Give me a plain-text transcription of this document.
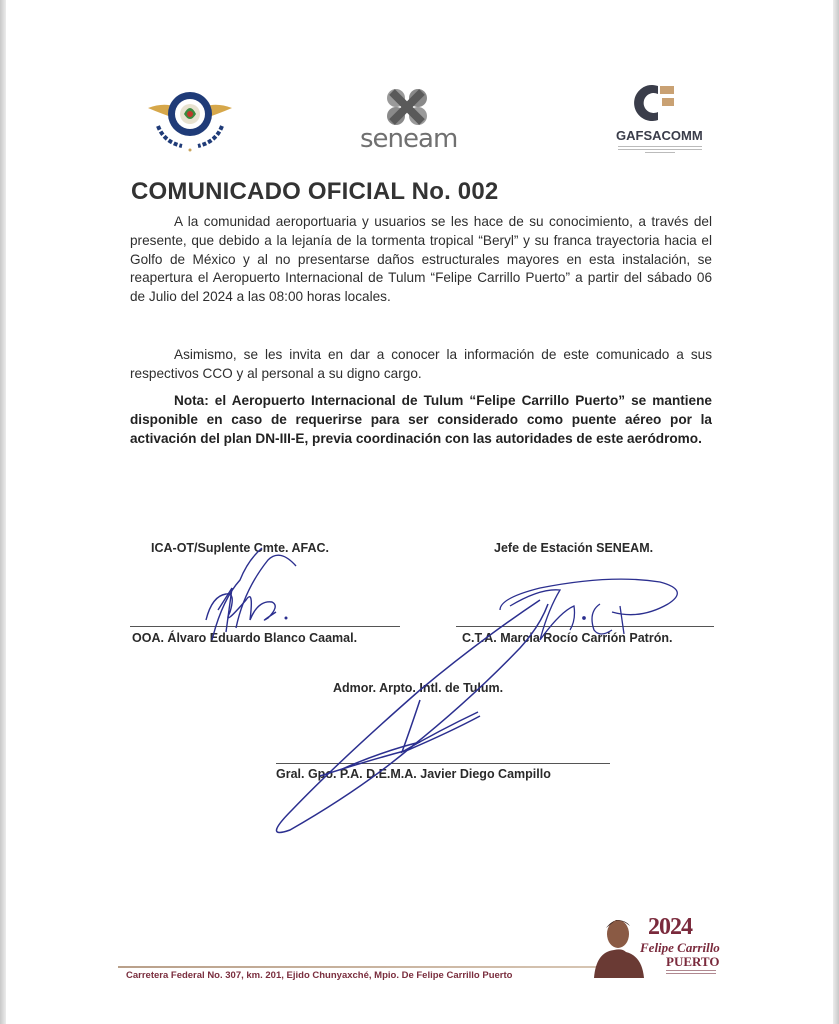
seneam	GAFSACOMM
COMUNICADO OFICIAL No. 002
A la comunidad aeroportuaria y usuarios se les hace de su conocimiento, a través del presente, que debido a la lejanía de la tormenta tropical “Beryl” y su franca trayectoria hacia el Golfo de México y al no presentarse daños estructurales mayores en esta instalación, se reapertura el Aeropuerto Internacional de Tulum “Felipe Carrillo Puerto” a partir del sábado 06 de Julio del 2024 a las 08:00 horas locales.
Asimismo, se les invita en dar a conocer la información de este comunicado a sus respectivos CCO y al personal a su digno cargo.
Nota: el Aeropuerto Internacional de Tulum “Felipe Carrillo Puerto” se mantiene disponible en caso de requerirse para ser considerado como puente aéreo por la activación del plan DN-III-E, previa coordinación con las autoridades de este aeródromo.
ICA-OT/Suplente Cmte. AFAC.
OOA. Álvaro Eduardo Blanco Caamal.
Jefe de Estación SENEAM.
C.T.A. Marcia Rocío Carrión Patrón.
Admor. Arpto. Intl. de Tulum.
Gral. Gpo. P.A. D.E.M.A. Javier Diego Campillo
Carretera Federal No. 307, km. 201, Ejido Chunyaxché, Mpio. De Felipe Carrillo Puerto
2024
Felipe Carrillo
PUERTO
